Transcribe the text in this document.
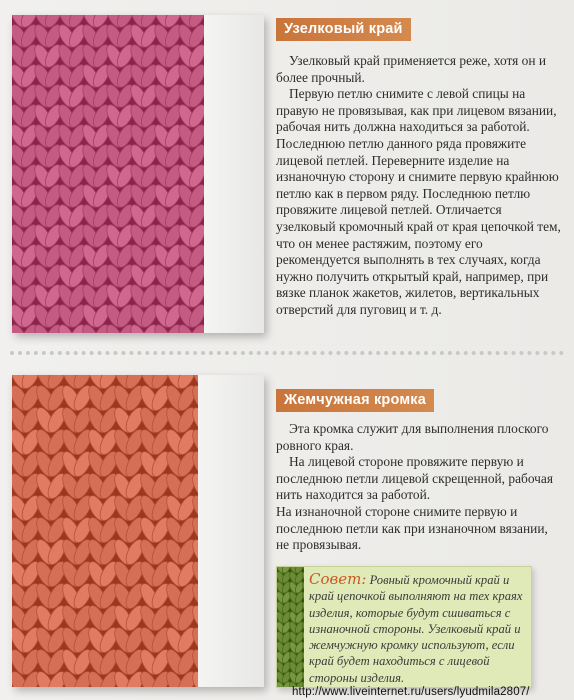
Узелковый край

Узелковый край применяется реже, хотя он и более прочный.

Первую петлю снимите с левой спицы на правую не провязывая, как при лицевом вязании, рабочая нить должна находиться за работой. Последнюю петлю данного ряда провяжите лицевой петлей. Переверните изделие на изнаночную сторону и снимите первую крайнюю петлю как в первом ряду. Последнюю петлю провяжите лицевой петлей. Отличается узелковый кромочный край от края цепочкой тем, что он менее растяжим, поэтому его рекомендуется выполнять в тех случаях, когда нужно получить открытый край, например, при вязке планок жакетов, жилетов, вертикальных отверстий для пуговиц и т. д.

Жемчужная кромка

Эта кромка служит для выполнения плоского ровного края.

На лицевой стороне провяжите первую и последнюю петли лицевой скрещенной, рабочая нить находится за работой.

На изнаночной стороне снимите первую и последнюю петли как при изнаночном вязании, не провязывая.

Совет: Ровный кромочный край и край цепочкой выполняют на тех краях изделия, которые будут сшиваться с изнаночной стороны. Узелковый край и жемчужную кромку используют, если край будет находиться с лицевой стороны изделия.
http://www.liveinternet.ru/users/lyudmila2807/
